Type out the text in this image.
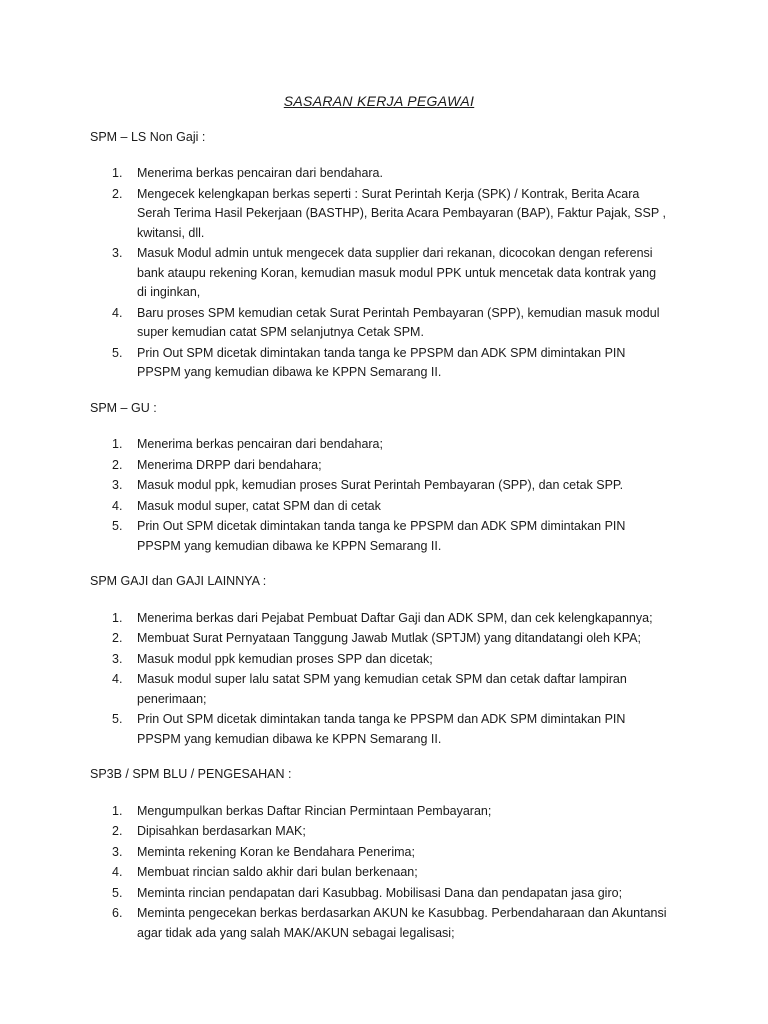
SASARAN KERJA PEGAWAI
SPM – LS Non Gaji :
1. Menerima berkas pencairan dari bendahara.
2. Mengecek kelengkapan berkas seperti : Surat Perintah Kerja (SPK) / Kontrak, Berita Acara Serah Terima Hasil Pekerjaan (BASTHP), Berita Acara Pembayaran (BAP), Faktur Pajak, SSP , kwitansi, dll.
3. Masuk Modul admin untuk mengecek data supplier dari rekanan, dicocokan dengan referensi bank ataupu rekening Koran, kemudian masuk modul PPK untuk mencetak data kontrak yang di inginkan,
4. Baru proses SPM kemudian cetak Surat Perintah Pembayaran (SPP), kemudian masuk modul super kemudian catat SPM selanjutnya Cetak SPM.
5. Prin Out SPM dicetak dimintakan tanda tanga ke PPSPM dan ADK SPM dimintakan PIN PPSPM yang kemudian dibawa ke KPPN Semarang II.
SPM – GU :
1. Menerima berkas pencairan dari bendahara;
2. Menerima DRPP dari bendahara;
3. Masuk modul ppk, kemudian proses Surat Perintah Pembayaran (SPP), dan cetak SPP.
4. Masuk modul super, catat SPM dan di cetak
5. Prin Out SPM dicetak dimintakan tanda tanga ke PPSPM dan ADK SPM dimintakan PIN PPSPM yang kemudian dibawa ke KPPN Semarang II.
SPM GAJI dan GAJI LAINNYA :
1. Menerima berkas dari Pejabat Pembuat Daftar Gaji dan ADK SPM, dan cek kelengkapannya;
2. Membuat Surat Pernyataan Tanggung Jawab Mutlak (SPTJM) yang ditandatangi oleh KPA;
3. Masuk modul ppk kemudian proses SPP dan dicetak;
4. Masuk modul super lalu satat SPM yang kemudian cetak SPM dan cetak daftar lampiran penerimaan;
5. Prin Out SPM dicetak dimintakan tanda tanga ke PPSPM dan ADK SPM dimintakan PIN PPSPM yang kemudian dibawa ke KPPN Semarang II.
SP3B / SPM BLU / PENGESAHAN :
1. Mengumpulkan berkas Daftar Rincian Permintaan Pembayaran;
2. Dipisahkan berdasarkan MAK;
3. Meminta rekening Koran ke Bendahara Penerima;
4. Membuat rincian saldo akhir dari bulan berkenaan;
5. Meminta rincian pendapatan dari Kasubbag. Mobilisasi Dana dan pendapatan jasa giro;
6. Meminta pengecekan berkas berdasarkan AKUN ke Kasubbag. Perbendaharaan dan Akuntansi agar tidak ada yang salah MAK/AKUN sebagai legalisasi;
